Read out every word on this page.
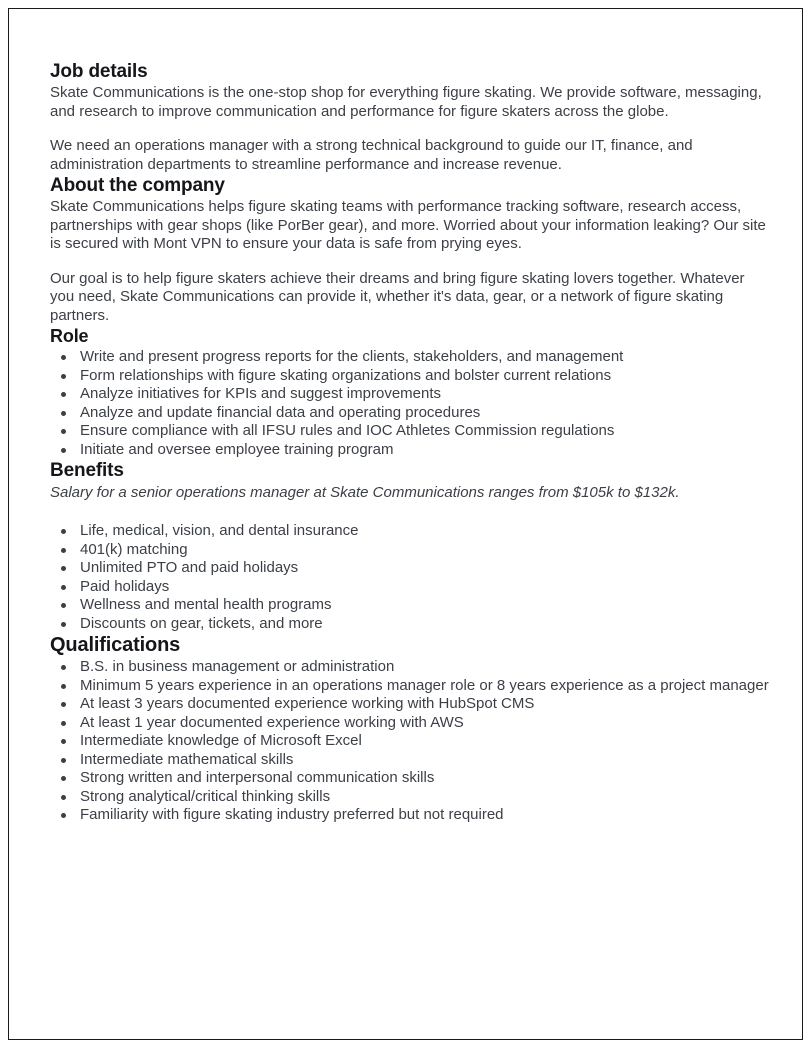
Job details

Skate Communications is the one-stop shop for everything figure skating. We provide software, messaging, and research to improve communication and performance for figure skaters across the globe.

We need an operations manager with a strong technical background to guide our IT, finance, and administration departments to streamline performance and increase revenue.

About the company

Skate Communications helps figure skating teams with performance tracking software, research access, partnerships with gear shops (like PorBer gear), and more. Worried about your information leaking? Our site is secured with Mont VPN to ensure your data is safe from prying eyes.

Our goal is to help figure skaters achieve their dreams and bring figure skating lovers together. Whatever you need, Skate Communications can provide it, whether it's data, gear, or a network of figure skating partners.

Role
Write and present progress reports for the clients, stakeholders, and management
Form relationships with figure skating organizations and bolster current relations
Analyze initiatives for KPIs and suggest improvements
Analyze and update financial data and operating procedures
Ensure compliance with all IFSU rules and IOC Athletes Commission regulations
Initiate and oversee employee training program
Benefits

Salary for a senior operations manager at Skate Communications ranges from $105k to $132k.

Life, medical, vision, and dental insurance
401(k) matching
Unlimited PTO and paid holidays
Paid holidays
Wellness and mental health programs
Discounts on gear, tickets, and more
Qualifications
B.S. in business management or administration
Minimum 5 years experience in an operations manager role or 8 years experience as a project manager
At least 3 years documented experience working with HubSpot CMS
At least 1 year documented experience working with AWS
Intermediate knowledge of Microsoft Excel
Intermediate mathematical skills
Strong written and interpersonal communication skills
Strong analytical/critical thinking skills
Familiarity with figure skating industry preferred but not required
